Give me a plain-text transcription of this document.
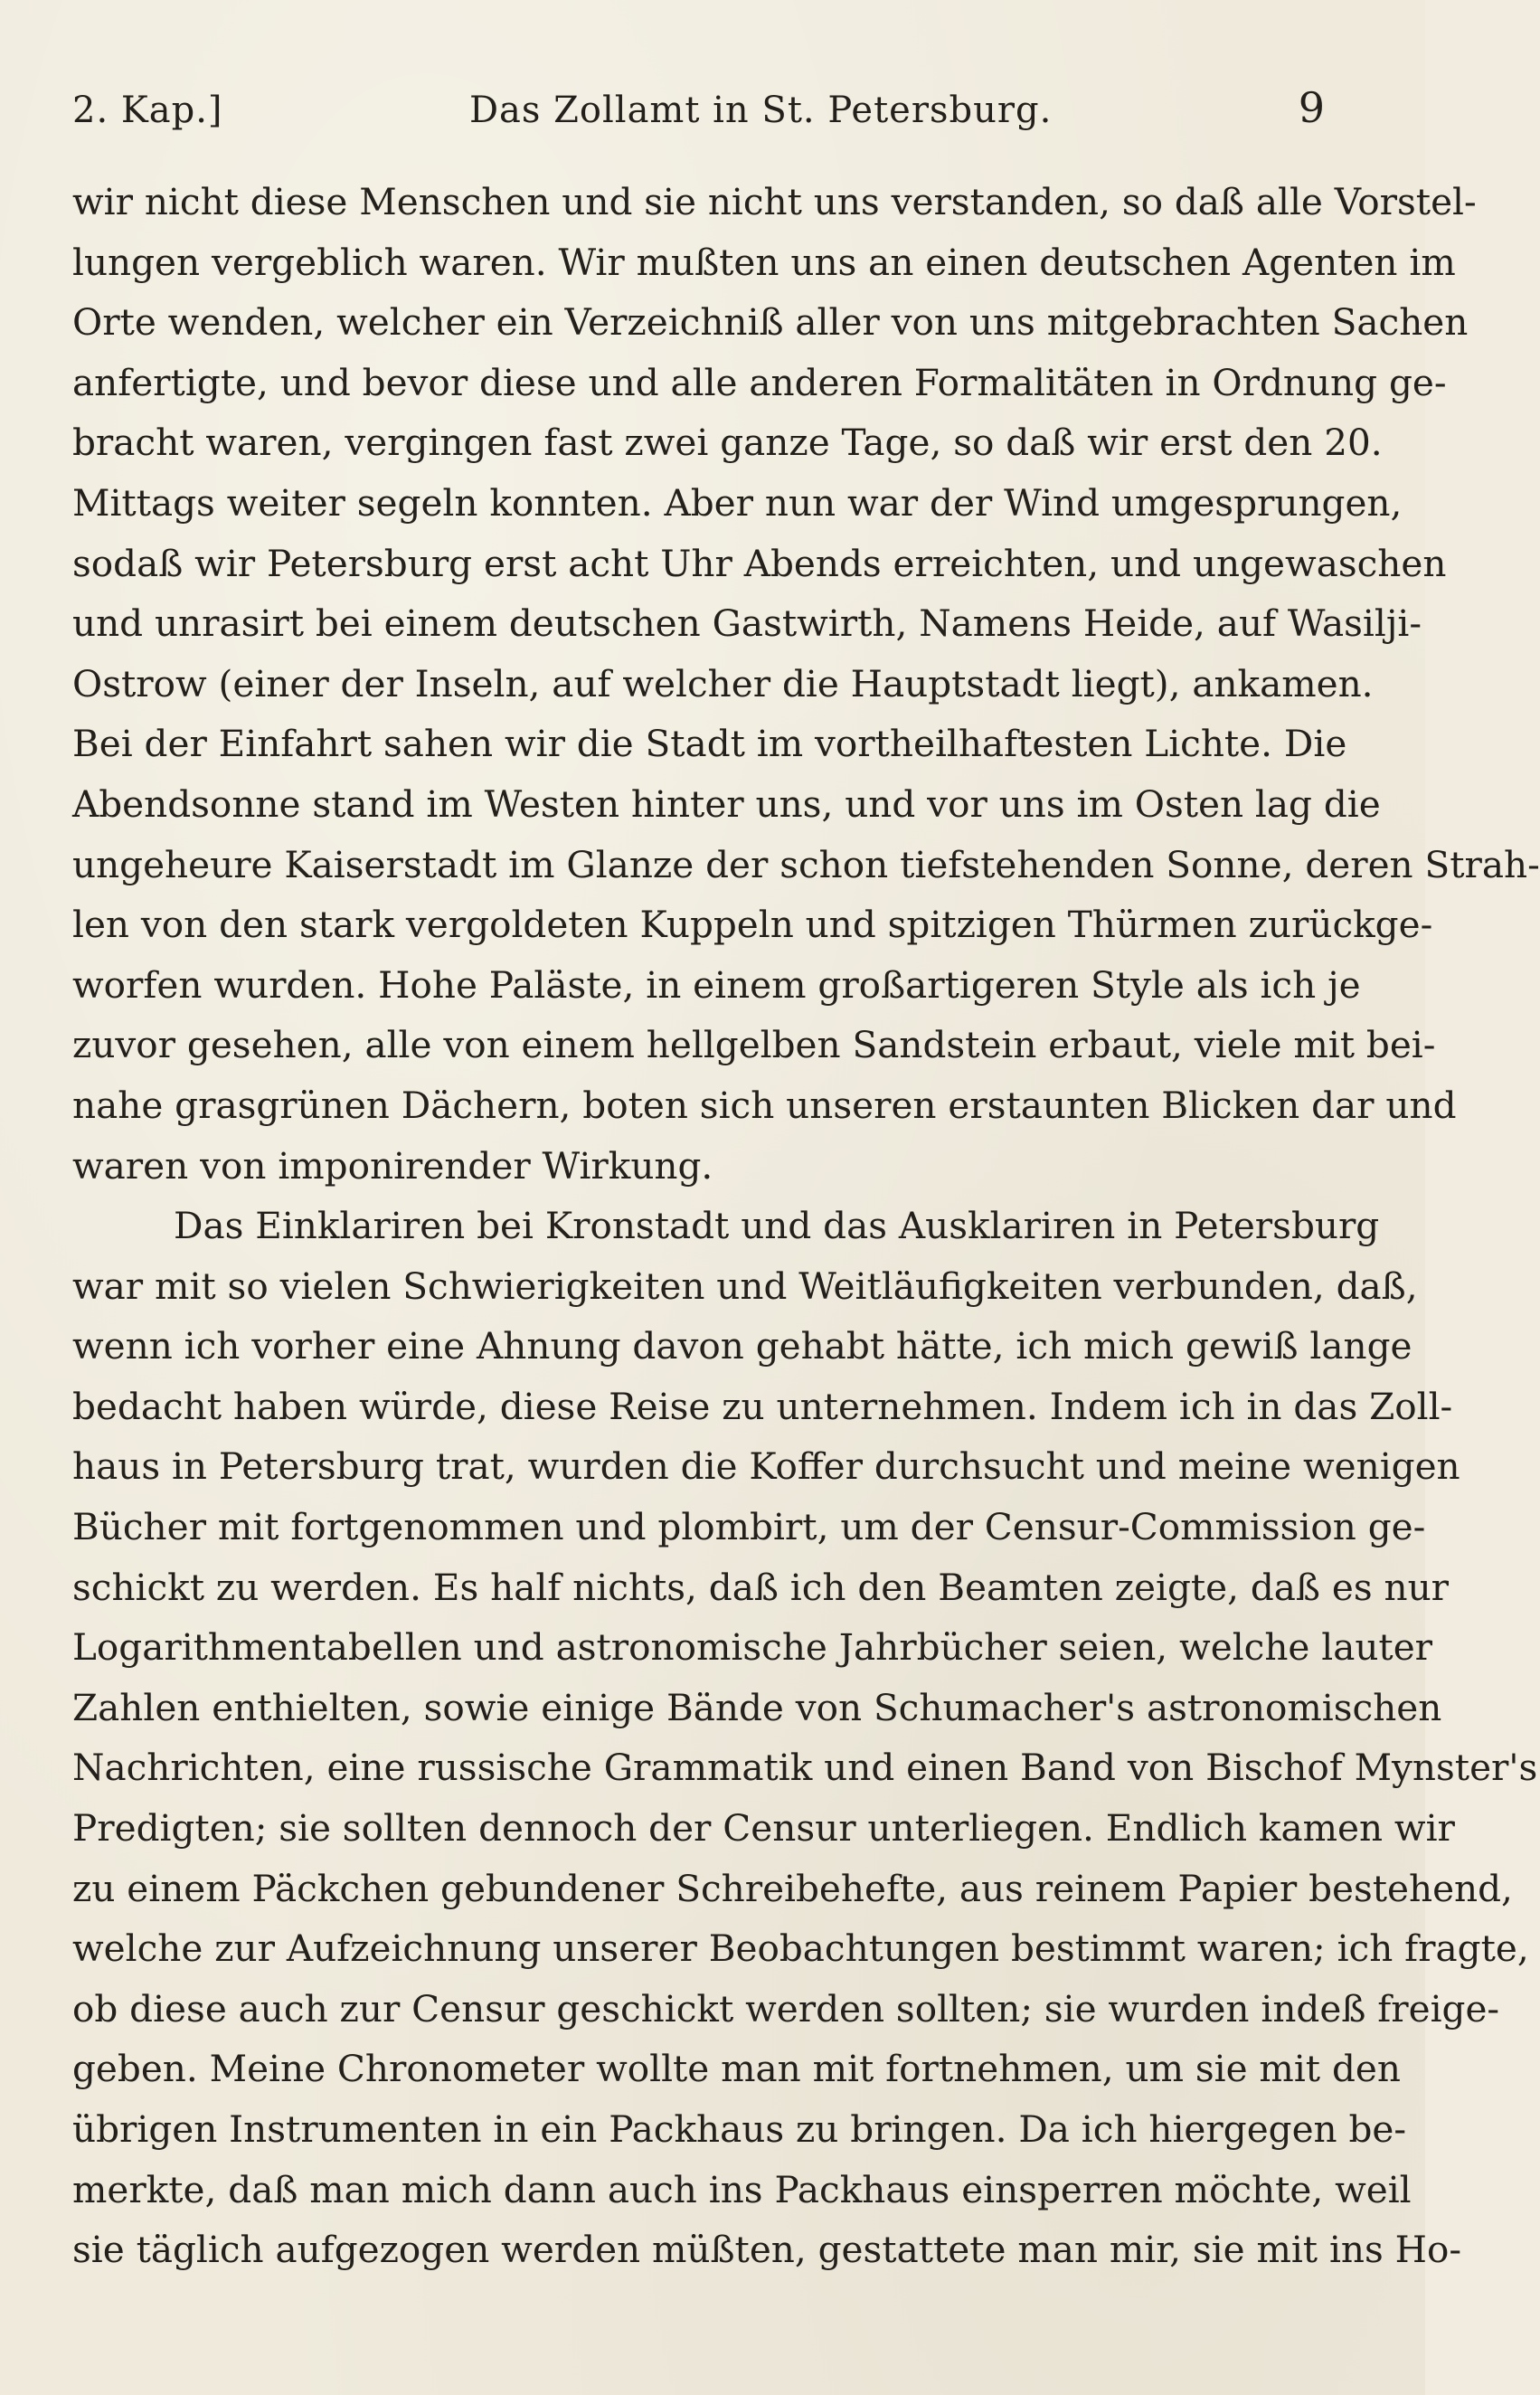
2. Kap.]	Das Zollamt in St. Petersburg.	9
wir nicht diese Menschen und sie nicht uns verstanden, so daß alle Vorstel-
lungen vergeblich waren. Wir mußten uns an einen deutschen Agenten im
Orte wenden, welcher ein Verzeichniß aller von uns mitgebrachten Sachen
anfertigte, und bevor diese und alle anderen Formalitäten in Ordnung ge-
bracht waren, vergingen fast zwei ganze Tage, so daß wir erst den 20.
Mittags weiter segeln konnten. Aber nun war der Wind umgesprungen,
sodaß wir Petersburg erst acht Uhr Abends erreichten, und ungewaschen
und unrasirt bei einem deutschen Gastwirth, Namens Heide, auf Wasilji-
Ostrow (einer der Inseln, auf welcher die Hauptstadt liegt), ankamen.
Bei der Einfahrt sahen wir die Stadt im vortheilhaftesten Lichte. Die
Abendsonne stand im Westen hinter uns, und vor uns im Osten lag die
ungeheure Kaiserstadt im Glanze der schon tiefstehenden Sonne, deren Strah-
len von den stark vergoldeten Kuppeln und spitzigen Thürmen zurückge-
worfen wurden. Hohe Paläste, in einem großartigeren Style als ich je
zuvor gesehen, alle von einem hellgelben Sandstein erbaut, viele mit bei-
nahe grasgrünen Dächern, boten sich unseren erstaunten Blicken dar und
waren von imponirender Wirkung.
Das Einklariren bei Kronstadt und das Ausklariren in Petersburg
war mit so vielen Schwierigkeiten und Weitläufigkeiten verbunden, daß,
wenn ich vorher eine Ahnung davon gehabt hätte, ich mich gewiß lange
bedacht haben würde, diese Reise zu unternehmen. Indem ich in das Zoll-
haus in Petersburg trat, wurden die Koffer durchsucht und meine wenigen
Bücher mit fortgenommen und plombirt, um der Censur-Commission ge-
schickt zu werden. Es half nichts, daß ich den Beamten zeigte, daß es nur
Logarithmentabellen und astronomische Jahrbücher seien, welche lauter
Zahlen enthielten, sowie einige Bände von Schumacher's astronomischen
Nachrichten, eine russische Grammatik und einen Band von Bischof Mynster's
Predigten; sie sollten dennoch der Censur unterliegen. Endlich kamen wir
zu einem Päckchen gebundener Schreibehefte, aus reinem Papier bestehend,
welche zur Aufzeichnung unserer Beobachtungen bestimmt waren; ich fragte,
ob diese auch zur Censur geschickt werden sollten; sie wurden indeß freige-
geben. Meine Chronometer wollte man mit fortnehmen, um sie mit den
übrigen Instrumenten in ein Packhaus zu bringen. Da ich hiergegen be-
merkte, daß man mich dann auch ins Packhaus einsperren möchte, weil
sie täglich aufgezogen werden müßten, gestattete man mir, sie mit ins Ho-
